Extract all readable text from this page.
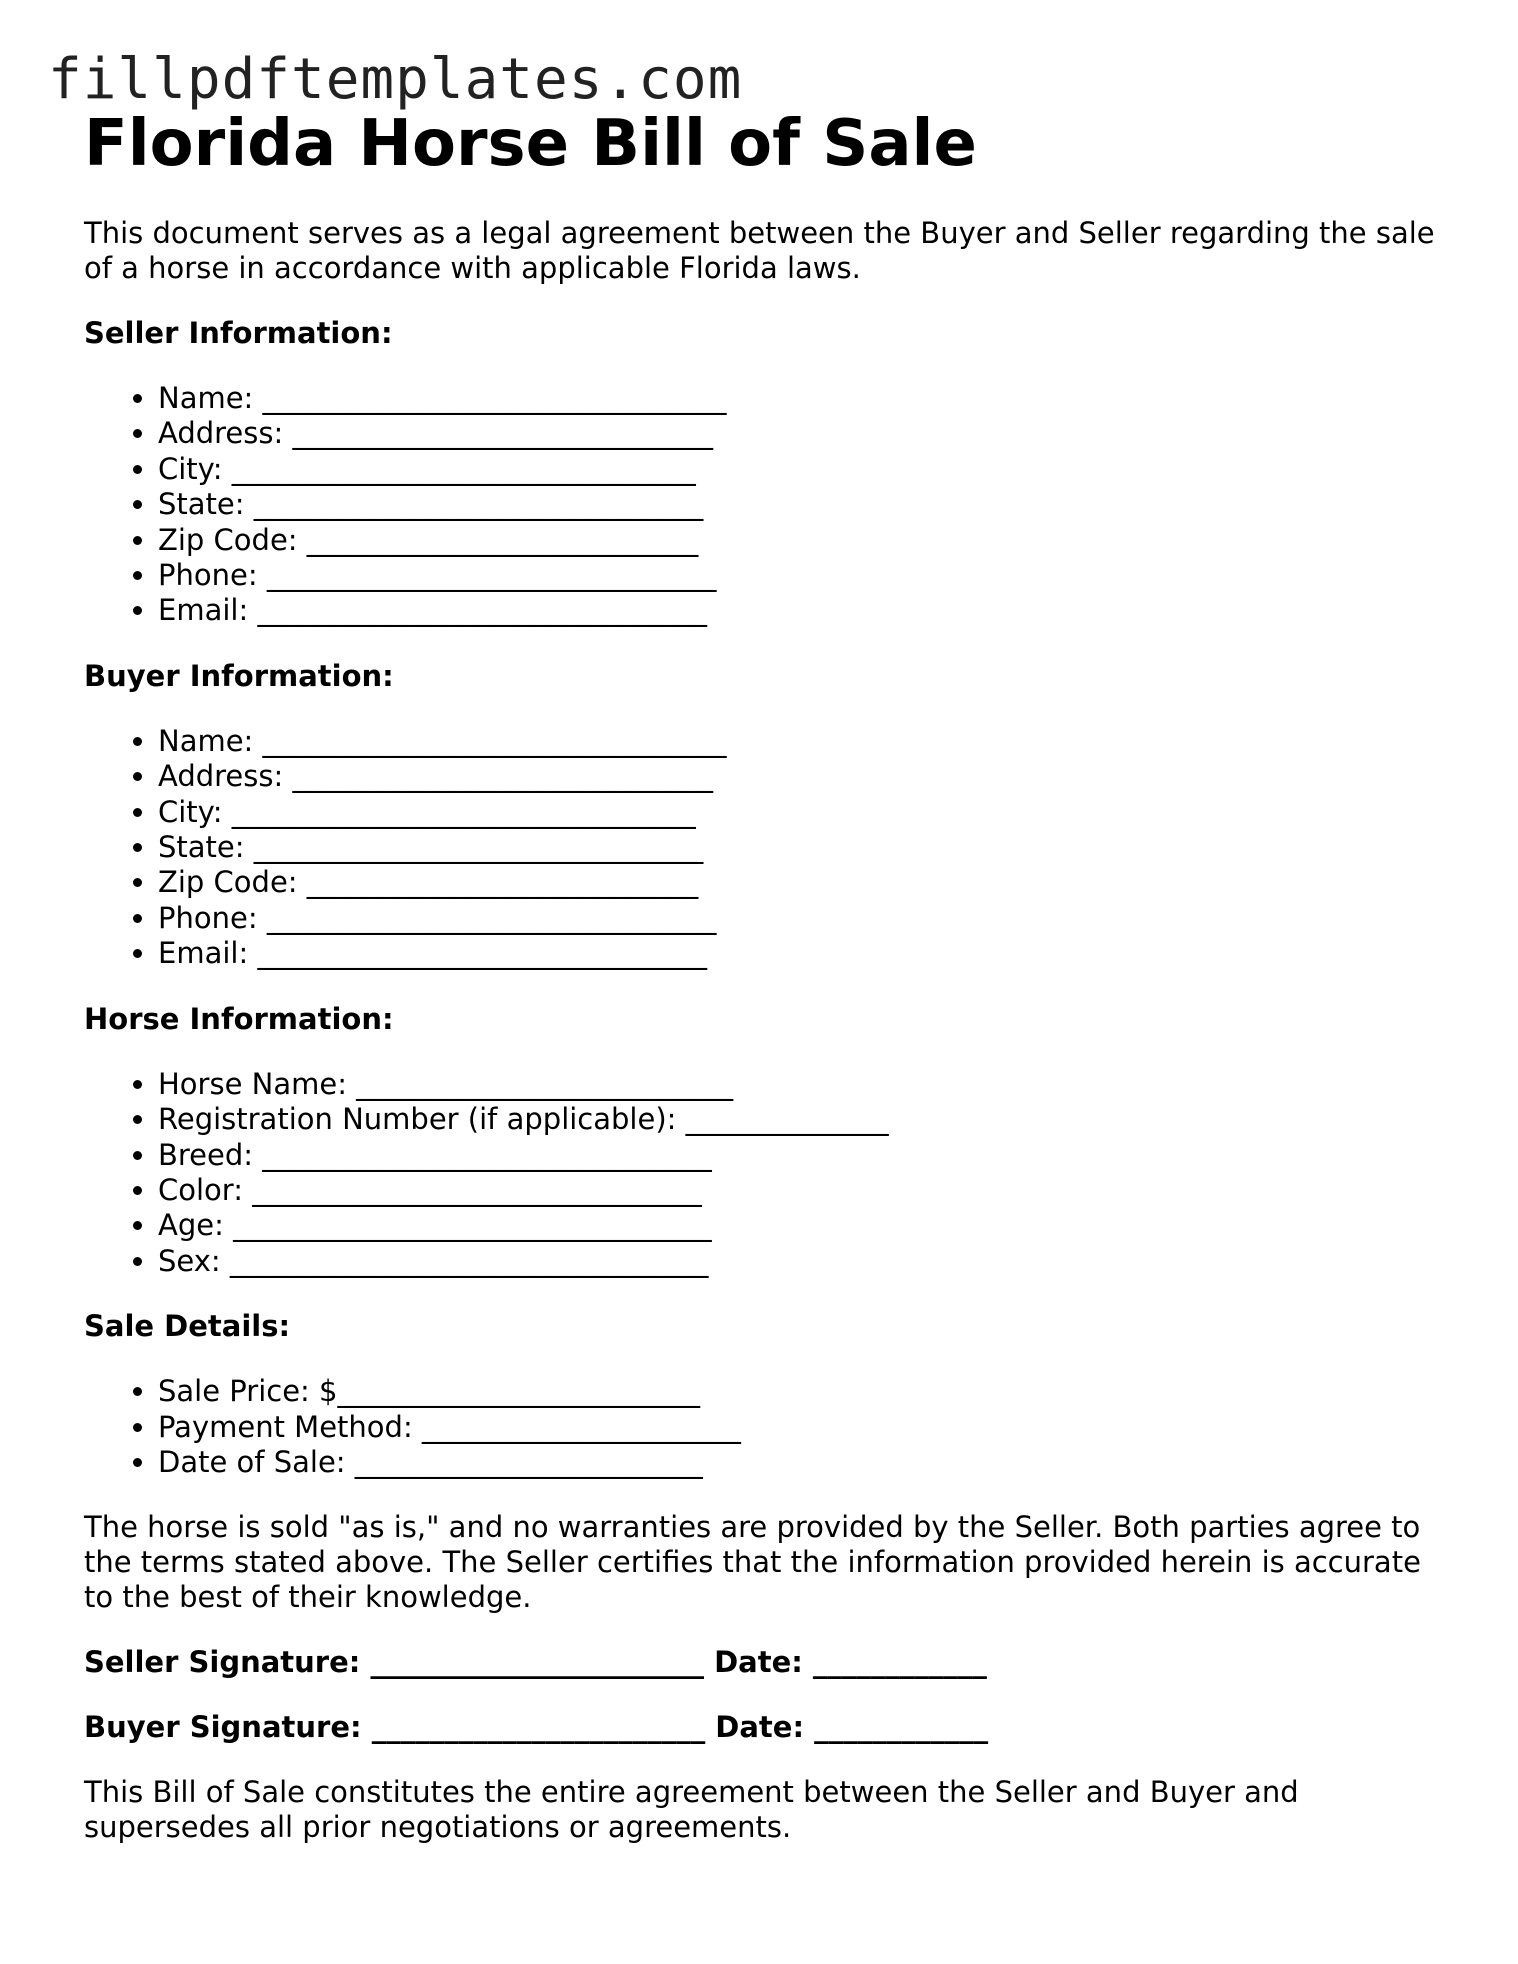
fillpdftemplates.com
Florida Horse Bill of Sale

This document serves as a legal agreement between the Buyer and Seller regarding the sale of a horse in accordance with applicable Florida laws.

Seller Information:
• Name: ________________________________
• Address: _____________________________
• City: ________________________________
• State: _______________________________
• Zip Code: ___________________________
• Phone: _______________________________
• Email: _______________________________
Buyer Information:
• Name: ________________________________
• Address: _____________________________
• City: ________________________________
• State: _______________________________
• Zip Code: ___________________________
• Phone: _______________________________
• Email: _______________________________
Horse Information:
• Horse Name: __________________________
• Registration Number (if applicable): ______________
• Breed: _______________________________
• Color: _______________________________
• Age: _________________________________
• Sex: _________________________________
Sale Details:
• Sale Price: $_________________________
• Payment Method: ______________________
• Date of Sale: ________________________

The horse is sold "as is," and no warranties are provided by the Seller. Both parties agree to the terms stated above. The Seller certifies that the information provided herein is accurate to the best of their knowledge.

Seller Signature: _______________________ Date: ____________

Buyer Signature: _______________________ Date: ____________

This Bill of Sale constitutes the entire agreement between the Seller and Buyer and supersedes all prior negotiations or agreements.
